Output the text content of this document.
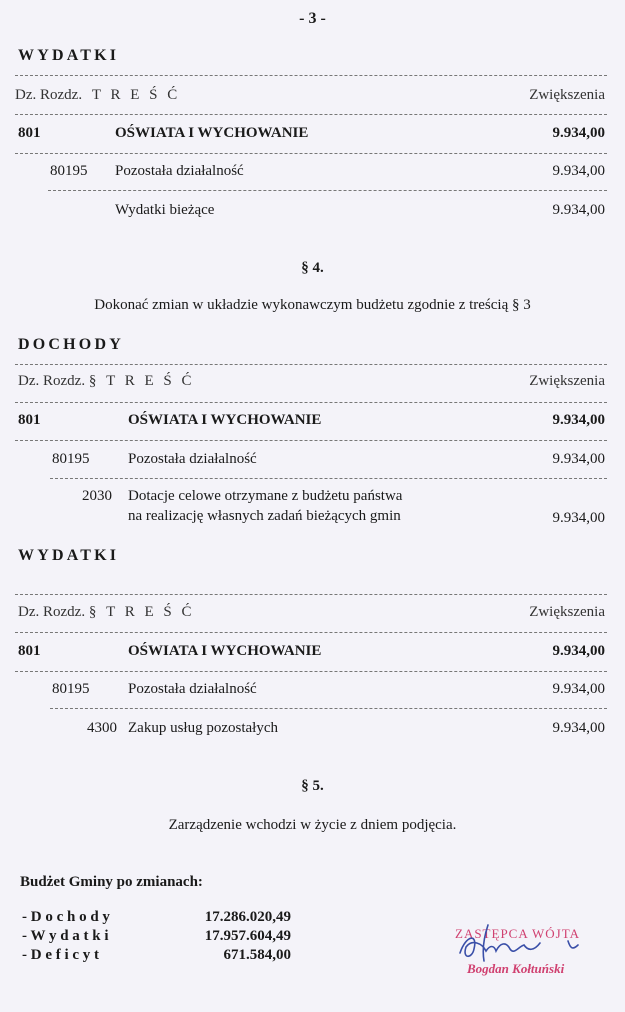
- 3 -
WYDATKI
Dz. Rozdz. T R E Ś Ć	Zwiększenia
801	OŚWIATA I WYCHOWANIE	9.934,00
80195 Pozostała działalność	9.934,00
Wydatki bieżące	9.934,00
§ 4.
Dokonać zmian w układzie wykonawczym budżetu zgodnie z treścią § 3
DOCHODY
Dz. Rozdz. § T R E Ś Ć	Zwiększenia
801	OŚWIATA I WYCHOWANIE	9.934,00
80195	Pozostała działalność	9.934,00
2030 Dotacje celowe otrzymane z budżetu państwa
na realizację własnych zadań bieżących gmin	9.934,00
WYDATKI
Dz. Rozdz. § T R E Ś Ć	Zwiększenia
801	OŚWIATA I WYCHOWANIE	9.934,00
80195	Pozostała działalność	9.934,00
4300 Zakup usług pozostałych	9.934,00
§ 5.
Zarządzenie wchodzi w życie z dniem podjęcia.
Budżet Gminy po zmianach:
- D o c h o d y	17.286.020,49
- W y d a t k i	17.957.604,49
- D e f i c y t	671.584,00
ZASTĘPCA WÓJTA
Bogdan Kołtuński
